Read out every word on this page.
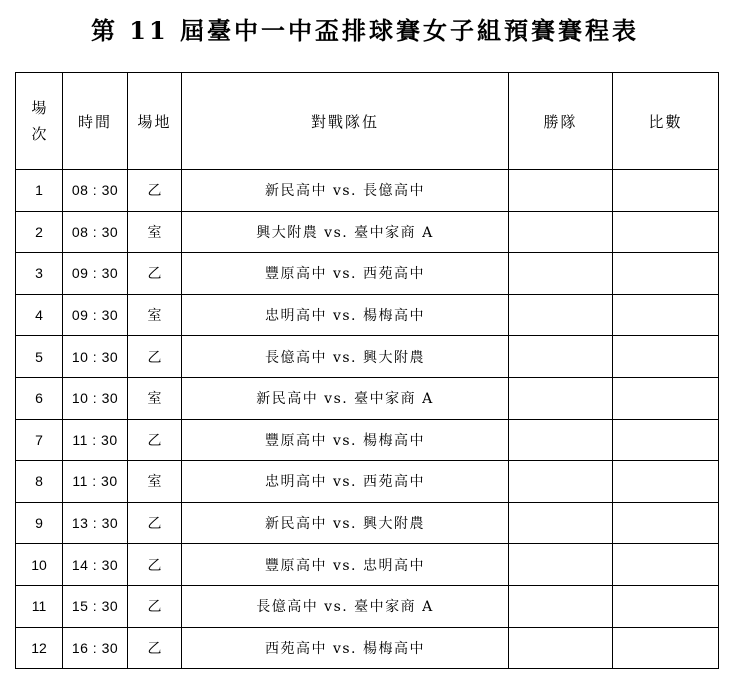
第 11 屆臺中一中盃排球賽女子組預賽賽程表
場
次	時間	場地	對戰隊伍	勝隊	比數
1	08 : 30	乙	新民高中 vs. 長億高中		
2	08 : 30	室	興大附農 vs. 臺中家商 A		
3	09 : 30	乙	豐原高中 vs. 西苑高中		
4	09 : 30	室	忠明高中 vs. 楊梅高中		
5	10 : 30	乙	長億高中 vs. 興大附農		
6	10 : 30	室	新民高中 vs. 臺中家商 A		
7	11 : 30	乙	豐原高中 vs. 楊梅高中		
8	11 : 30	室	忠明高中 vs. 西苑高中		
9	13 : 30	乙	新民高中 vs. 興大附農		
10	14 : 30	乙	豐原高中 vs. 忠明高中		
11	15 : 30	乙	長億高中 vs. 臺中家商 A		
12	16 : 30	乙	西苑高中 vs. 楊梅高中		
